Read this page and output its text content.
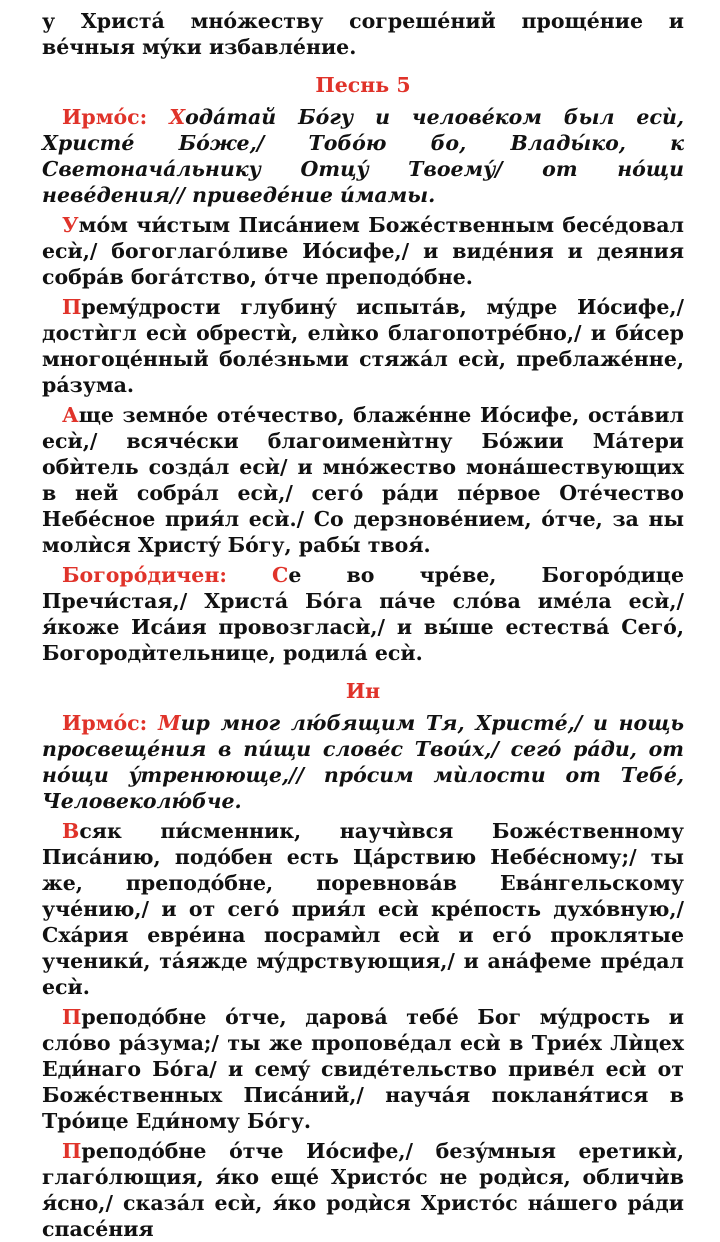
у Христá мнóжеству согрешéний прощéние и вéчныя мýки избавлéние.

Песнь 5

Ирмóс: Ходáтай Бóгу и человéком был есѝ, Христé Бóже,/ Тобóю бо, Влады́ко, к Светоначáльнику Отцý Твоемý/ от нóщи невéдения// приведéние и́мамы.

Умóм чи́стым Писáнием Божéственным бесéдовал есѝ,/ богоглагóливе Иóсифе,/ и видéния и деяния собрáв богáтство, óтче преподóбне.

Премýдрости глубинý испытáв, мýдре Иóсифе,/ достѝгл есѝ обрестѝ, елѝко благопотрéбно,/ и би́сер многоцéнный болéзньми стяжáл есѝ, преблажéнне, рáзума.

Аще земнóе отéчество, блажéнне Иóсифе, остáвил есѝ,/ всячéски благоименѝтну Бóжии Мáтери обѝтель создáл есѝ/ и мнóжество монáшествующих в ней собрáл есѝ,/ сегó рáди пéрвое Отéчество Небéсное прия́л есѝ./ Со дерзновéнием, óтче, за ны молѝся Христý Бóгу, рабы́ твоя́.

Богорóдичен: Се во чрéве, Богорóдице Пречи́стая,/ Христá Бóга пáче слóва имéла есѝ,/ я́коже Исáия провозгласѝ,/ и вы́ше естествá Сегó, Богородѝтельнице, родилá есѝ.

Ин

Ирмóс: Мир мног лю́бящим Тя, Христé,/ и нощь просвещéния в пи́щи словéс Твои́х,/ сегó рáди, от нóщи ýтренююще,// прóсим мѝлости от Тебé, Человеколю́бче.

Всяк пи́сменник, научѝвся Божéственному Писáнию, подóбен есть Цáрствию Небéсному;/ ты же, преподóбне, поревновáв Евáнгельскому учéнию,/ и от сегó прия́л есѝ крéпость духóвную,/ Схáрия еврéина посрамѝл есѝ и егó проклятые ученики́, тáяжде мýдрствующия,/ и анáфеме прéдал есѝ.

Преподóбне óтче, даровá тебé Бог мýдрость и слóво рáзума;/ ты же проповéдал есѝ в Триéх Лѝцех Еди́наго Бóга/ и семý свидéтельство привéл есѝ от Божéственных Писáний,/ научáя покланя́тися в Трóице Еди́ному Бóгу.

Преподóбне óтче Иóсифе,/ безýмныя еретикѝ, глагóлющия, я́ко ещé Христóс не родѝся, обличѝв я́сно,/ сказáл есѝ, я́ко родѝся Христóс нáшего рáди спасéния
